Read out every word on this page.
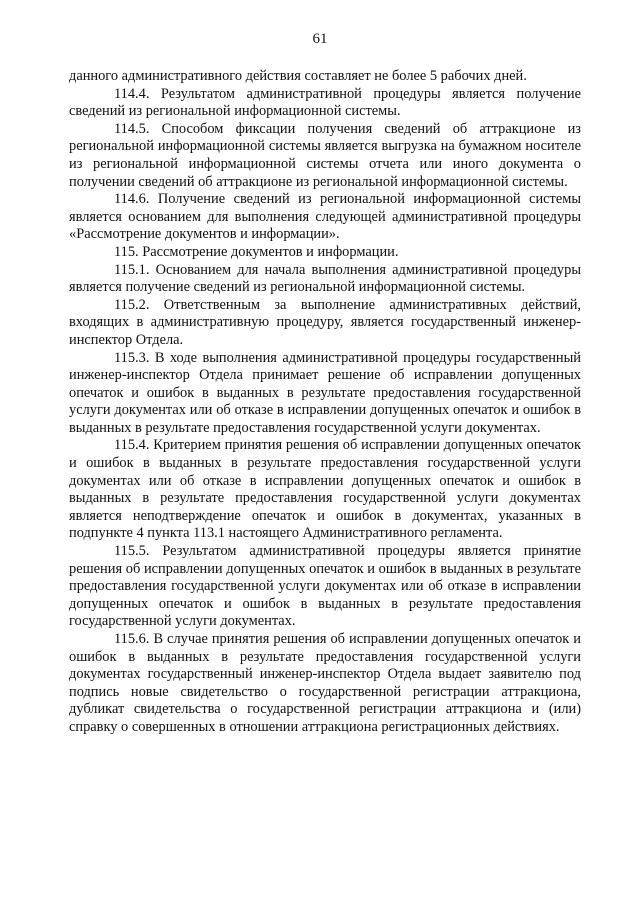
61

данного административного действия составляет не более 5 рабочих дней.

114.4. Результатом административной процедуры является получение сведений из региональной информационной системы.

114.5. Способом фиксации получения сведений об аттракционе из региональной информационной системы является выгрузка на бумажном носителе из региональной информационной системы отчета или иного документа о получении сведений об аттракционе из региональной информационной системы.

114.6. Получение сведений из региональной информационной системы является основанием для выполнения следующей административной процедуры «Рассмотрение документов и информации».

115. Рассмотрение документов и информации.

115.1. Основанием для начала выполнения административной процедуры является получение сведений из региональной информационной системы.

115.2. Ответственным за выполнение административных действий, входящих в административную процедуру, является государственный инженер-инспектор Отдела.

115.3. В ходе выполнения административной процедуры государственный инженер-инспектор Отдела принимает решение об исправлении допущенных опечаток и ошибок в выданных в результате предоставления государственной услуги документах или об отказе в исправлении допущенных опечаток и ошибок в выданных в результате предоставления государственной услуги документах.

115.4. Критерием принятия решения об исправлении допущенных опечаток и ошибок в выданных в результате предоставления государственной услуги документах или об отказе в исправлении допущенных опечаток и ошибок в выданных в результате предоставления государственной услуги документах является неподтверждение опечаток и ошибок в документах, указанных в подпункте 4 пункта 113.1 настоящего Административного регламента.

115.5. Результатом административной процедуры является принятие решения об исправлении допущенных опечаток и ошибок в выданных в результате предоставления государственной услуги документах или об отказе в исправлении допущенных опечаток и ошибок в выданных в результате предоставления государственной услуги документах.

115.6. В случае принятия решения об исправлении допущенных опечаток и ошибок в выданных в результате предоставления государственной услуги документах государственный инженер-инспектор Отдела выдает заявителю под подпись новые свидетельство о государственной регистрации аттракциона, дубликат свидетельства о государственной регистрации аттракциона и (или) справку о совершенных в отношении аттракциона регистрационных действиях.
